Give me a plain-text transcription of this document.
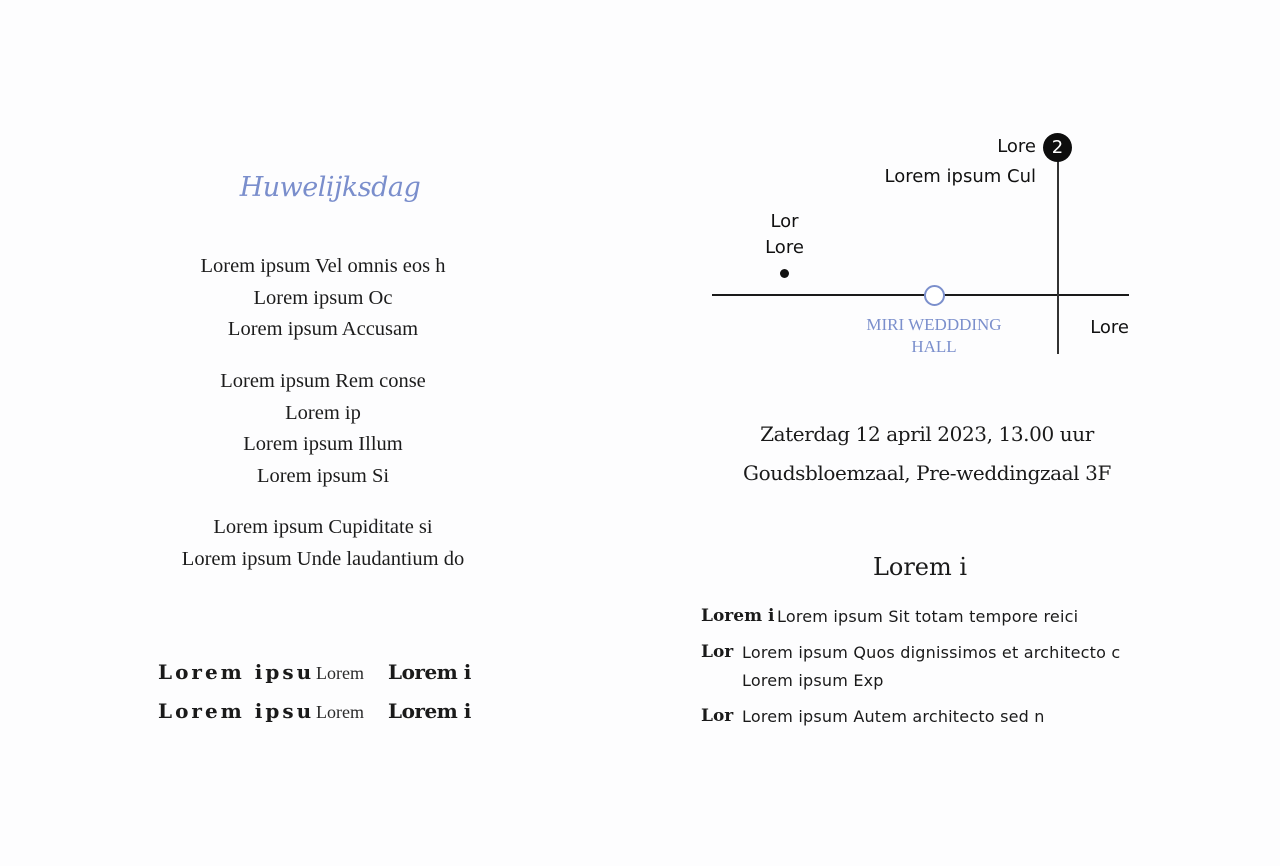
Huwelijksdag
Lorem ipsum Vel omnis eos h
Lorem ipsum Oc
Lorem ipsum Accusam
Lorem ipsum Rem conse
Lorem ip
Lorem ipsum Illum
Lorem ipsum Si
Lorem ipsum Cupiditate si
Lorem ipsum Unde laudantium do
Lorem ipsu Lorem	Lorem i
Lorem ipsu Lorem	Lorem i
2
Lore
Lorem ipsum Cul
Lor
Lore
Lore
MIRI WEDDDING
HALL
Zaterdag 12 april 2023, 13.00 uur
Goudsbloemzaal, Pre-weddingzaal 3F
Lorem i
Lorem i Lorem ipsum Sit totam tempore reici
Lor Lorem ipsum Quos dignissimos et architecto c
Lorem ipsum Exp
Lor Lorem ipsum Autem architecto sed n
